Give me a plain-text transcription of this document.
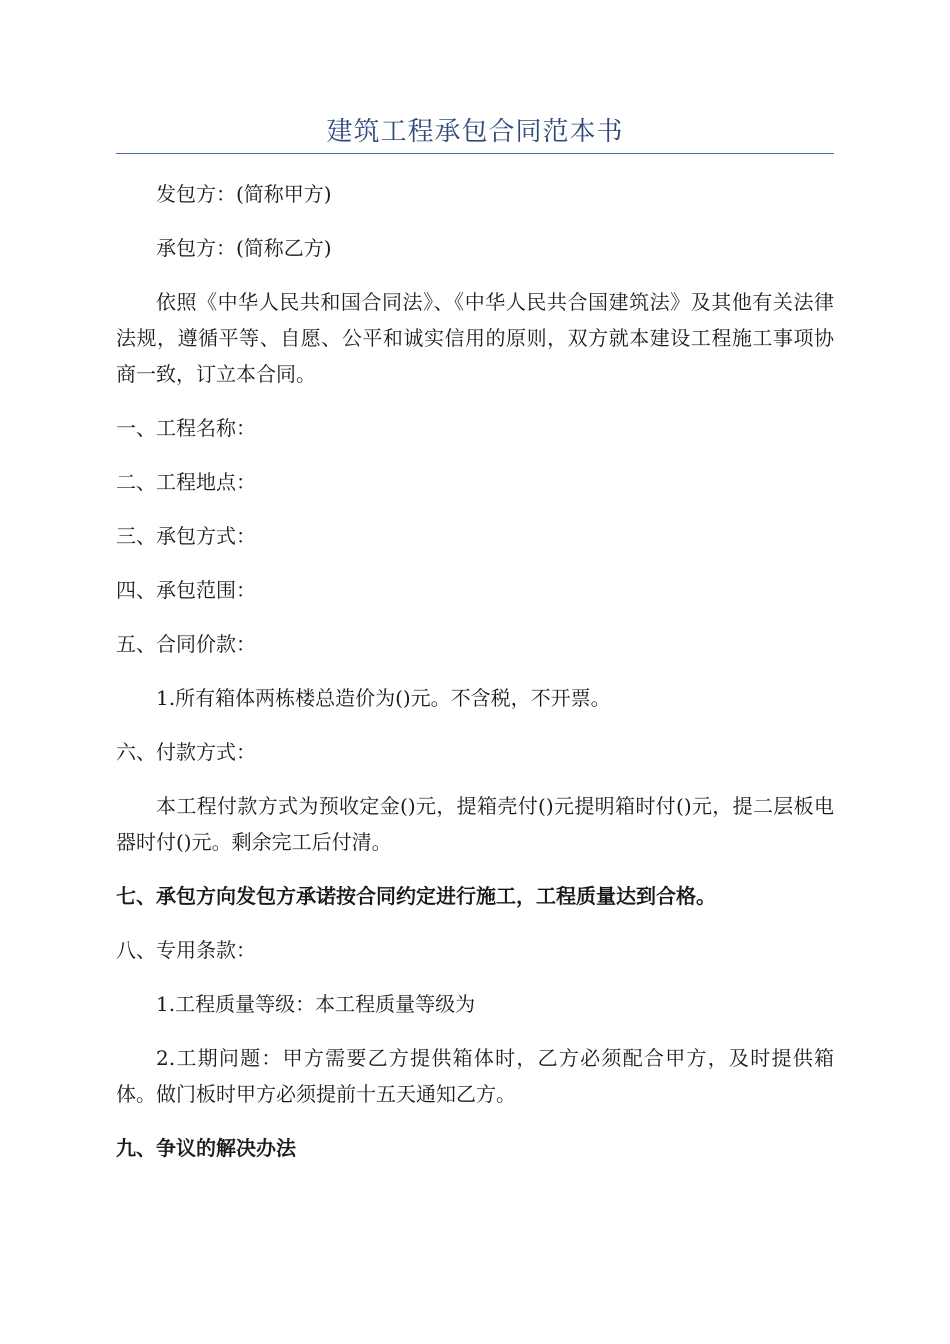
建筑工程承包合同范本书

发包方：(简称甲方)

承包方：(简称乙方)

依照《中华人民共和国合同法》、《中华人民共合国建筑法》及其他有关法律法规，遵循平等、自愿、公平和诚实信用的原则，双方就本建设工程施工事项协商一致，订立本合同。

一、工程名称：

二、工程地点：

三、承包方式：

四、承包范围：

五、合同价款：

1.所有箱体两栋楼总造价为()元。不含税，不开票。

六、付款方式：

本工程付款方式为预收定金()元，提箱壳付()元提明箱时付()元，提二层板电器时付()元。剩余完工后付清。

七、承包方向发包方承诺按合同约定进行施工，工程质量达到合格。

八、专用条款：

1.工程质量等级：本工程质量等级为

2.工期问题：甲方需要乙方提供箱体时，乙方必须配合甲方，及时提供箱体。做门板时甲方必须提前十五天通知乙方。

九、争议的解决办法
